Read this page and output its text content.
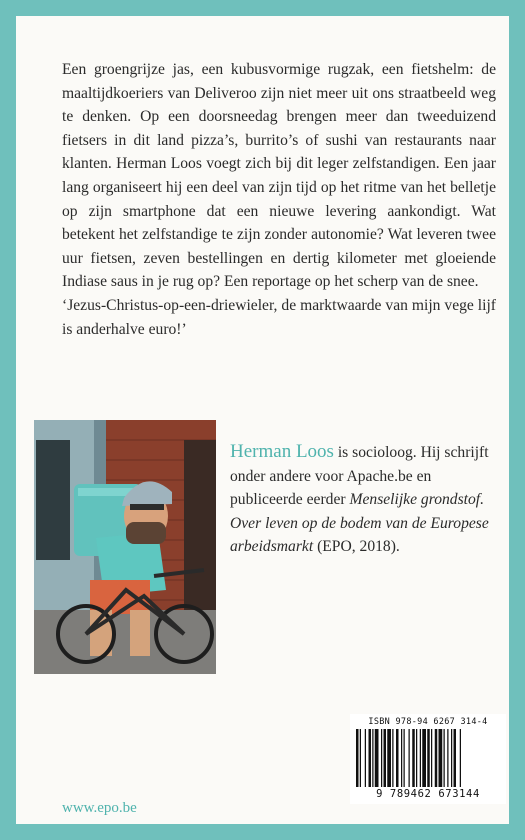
Een groengrijze jas, een kubusvormige rugzak, een fietshelm: de maaltijdkoeriers van Deliveroo zijn niet meer uit ons straatbeeld weg te denken. Op een doorsneedag brengen meer dan tweeduizend fietsers in dit land pizza’s, burrito’s of sushi van restaurants naar klanten. Herman Loos voegt zich bij dit leger zelfstandigen. Een jaar lang organiseert hij een deel van zijn tijd op het ritme van het belletje op zijn smartphone dat een nieuwe levering aankondigt. Wat betekent het zelfstandige te zijn zonder autonomie? Wat leveren twee uur fietsen, zeven bestellingen en dertig kilometer met gloeiende Indiase saus in je rug op? Een reportage op het scherp van de snee.

‘Jezus-Christus-op-een-driewieler, de marktwaarde van mijn vege lijf is anderhalve euro!’

Herman Loos is socioloog. Hij schrijft onder andere voor Apache.be en publiceerde eerder Menselijke grondstof. Over leven op de bodem van de Europese arbeidsmarkt (EPO, 2018).
ISBN 978-94 6267 314-4
9 789462 673144
www.epo.be
